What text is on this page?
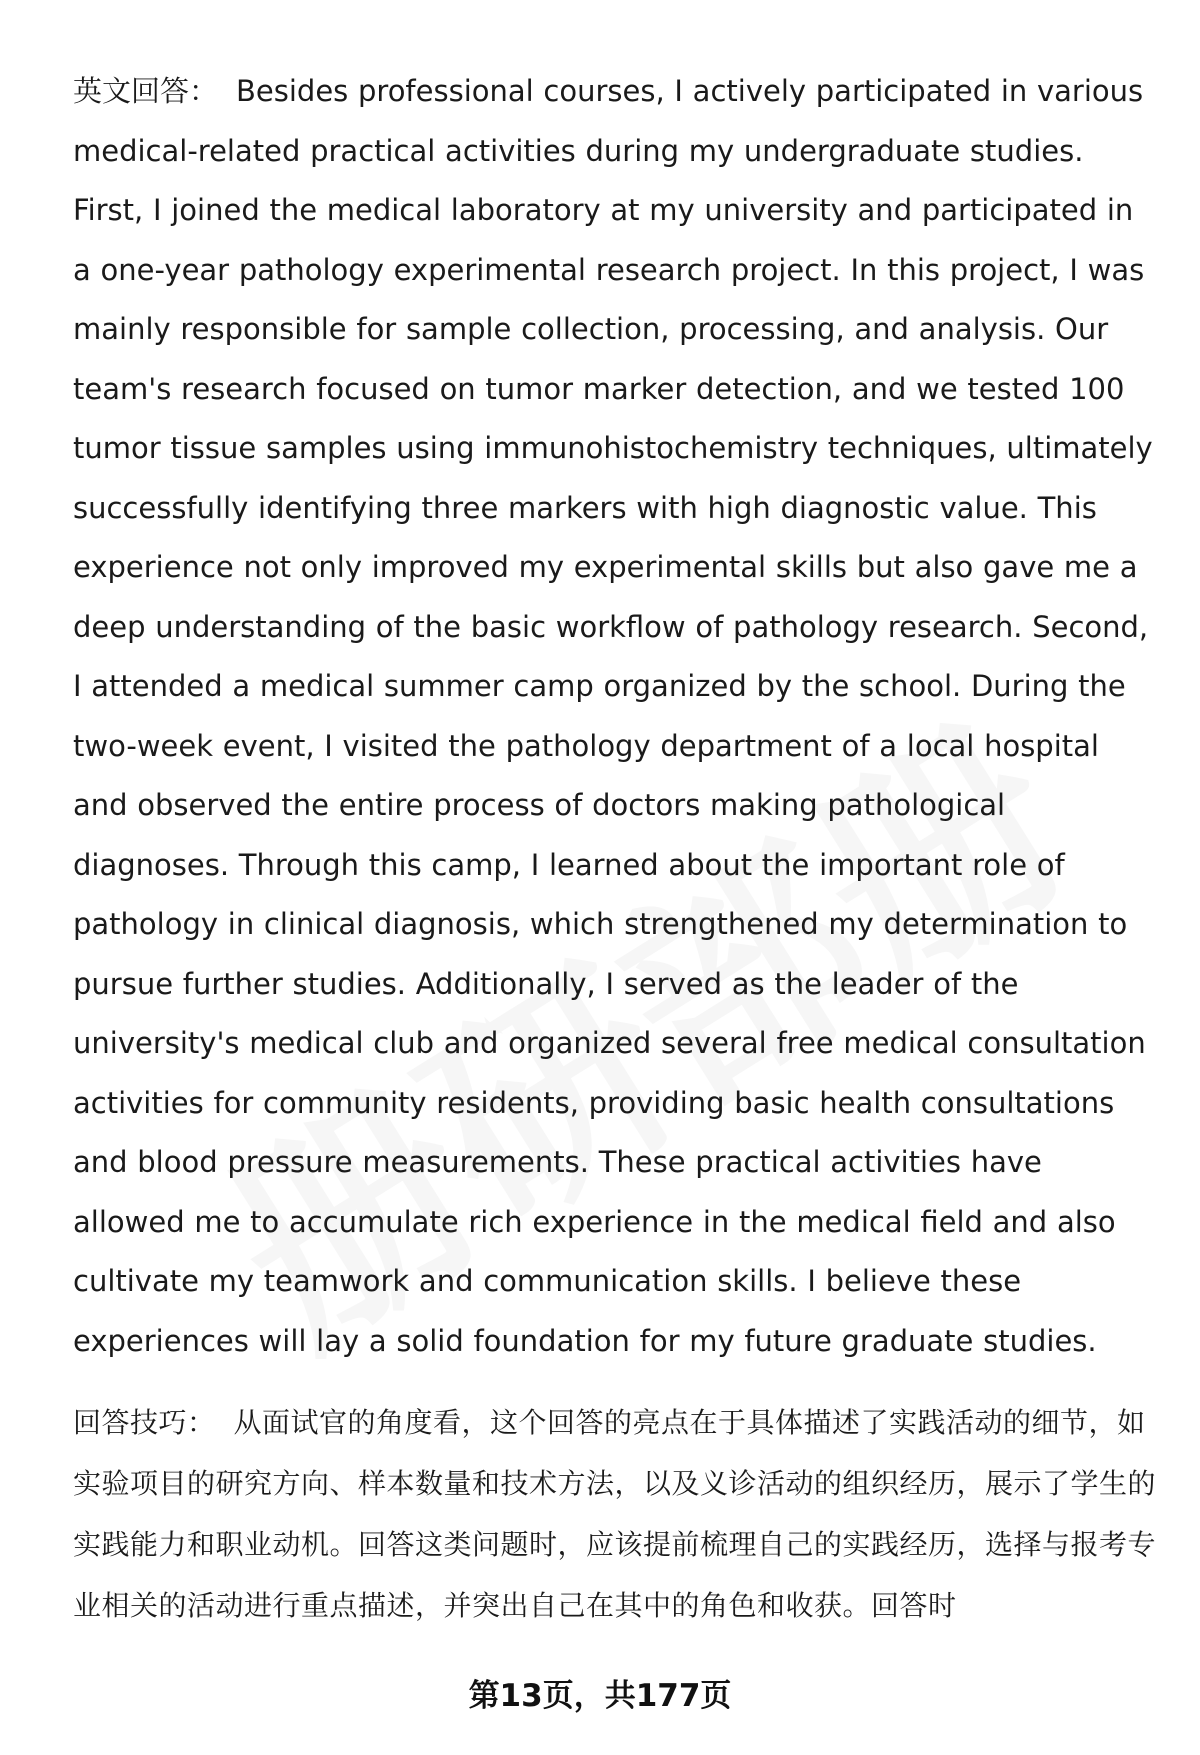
英文回答： Besides professional courses, I actively participated in various medical-related practical activities during my undergraduate studies. First, I joined the medical laboratory at my university and participated in a one-year pathology experimental research project. In this project, I was mainly responsible for sample collection, processing, and analysis. Our team's research focused on tumor marker detection, and we tested 100 tumor tissue samples using immunohistochemistry techniques, ultimately successfully identifying three markers with high diagnostic value. This experience not only improved my experimental skills but also gave me a deep understanding of the basic workflow of pathology research. Second, I attended a medical summer camp organized by the school. During the two-week event, I visited the pathology department of a local hospital and observed the entire process of doctors making pathological diagnoses. Through this camp, I learned about the important role of pathology in clinical diagnosis, which strengthened my determination to pursue further studies. Additionally, I served as the leader of the university's medical club and organized several free medical consultation activities for community residents, providing basic health consultations and blood pressure measurements. These practical activities have allowed me to accumulate rich experience in the medical field and also cultivate my teamwork and communication skills. I believe these experiences will lay a solid foundation for my future graduate studies.

回答技巧： 从面试官的角度看，这个回答的亮点在于具体描述了实践活动的细节，如实验项目的研究方向、样本数量和技术方法，以及义诊活动的组织经历，展示了学生的实践能力和职业动机。回答这类问题时，应该提前梳理自己的实践经历，选择与报考专业相关的活动进行重点描述，并突出自己在其中的角色和收获。回答时

第13页，共177页
